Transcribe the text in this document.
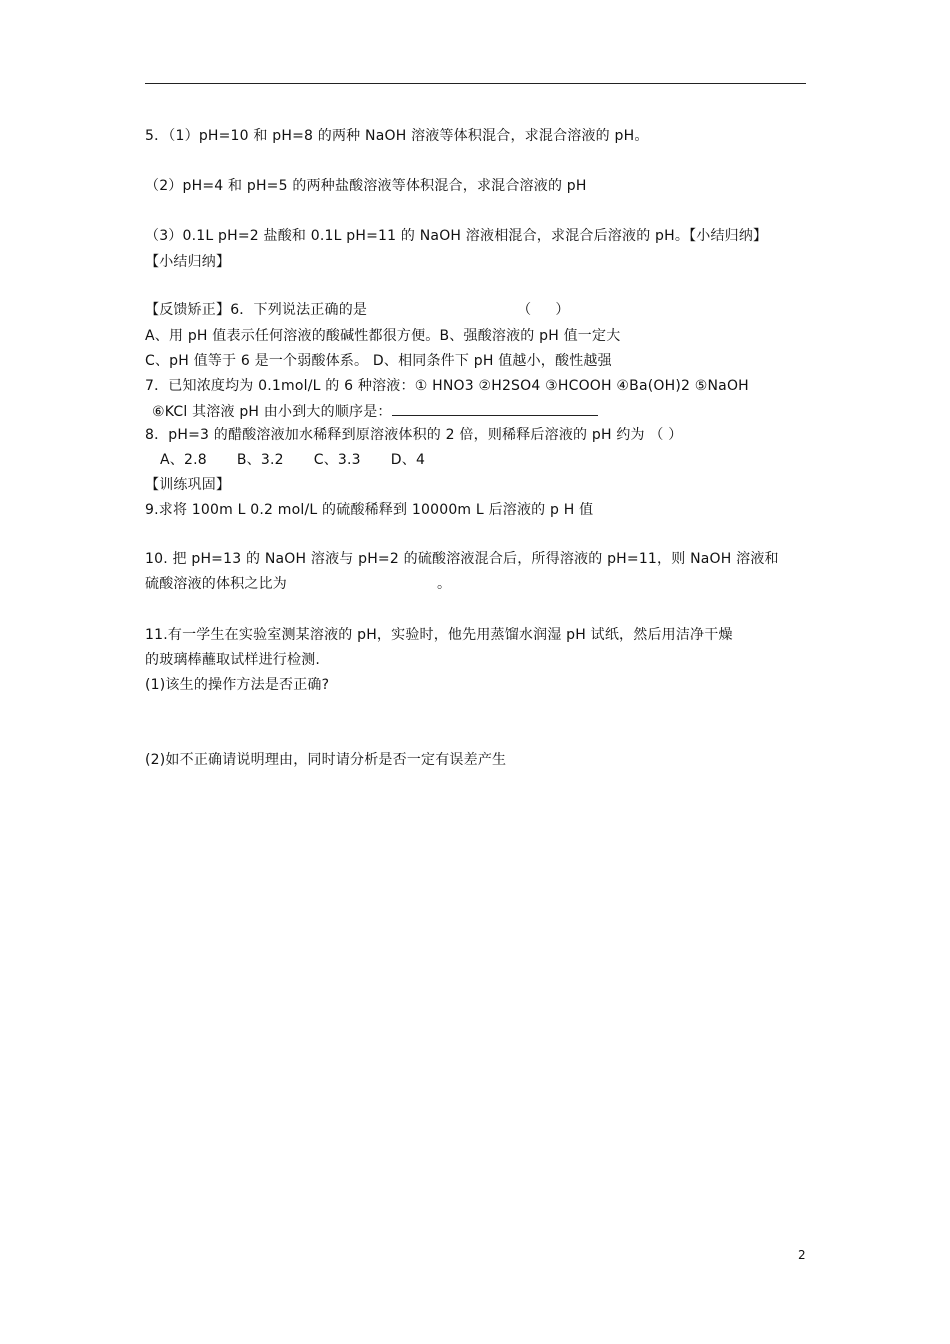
5．（1）pH=10 和 pH=8 的两种 NaOH 溶液等体积混合，求混合溶液的 pH。
（2）pH=4 和 pH=5 的两种盐酸溶液等体积混合，求混合溶液的 pH
（3）0.1L pH=2 盐酸和 0.1L pH=11 的 NaOH 溶液相混合，求混合后溶液的 pH。【小结归纳】
【小结归纳】
【反馈矫正】6．下列说法正确的是	（ ）
A、用 pH 值表示任何溶液的酸碱性都很方便。B、强酸溶液的 pH 值一定大
C、pH 值等于 6 是一个弱酸体系。 D、相同条件下 pH 值越小，酸性越强
7．已知浓度均为 0.1mol/L 的 6 种溶液：① HNO3 ②H2SO4 ③HCOOH ④Ba(OH)2 ⑤NaOH
⑥KCl 其溶液 pH 由小到大的顺序是：
8．pH=3 的醋酸溶液加水稀释到原溶液体积的 2 倍，则稀释后溶液的 pH 约为 （ ）
A、2.8 B、3.2 C、3.3 D、4
【训练巩固】
9.求将 100m L 0.2 mol/L 的硫酸稀释到 10000m L 后溶液的 p H 值
10. 把 pH=13 的 NaOH 溶液与 pH=2 的硫酸溶液混合后，所得溶液的 pH=11，则 NaOH 溶液和
硫酸溶液的体积之比为	。
11.有一学生在实验室测某溶液的 pH，实验时，他先用蒸馏水润湿 pH 试纸，然后用洁净干燥
的玻璃棒蘸取试样进行检测.
(1)该生的操作方法是否正确?
(2)如不正确请说明理由，同时请分析是否一定有误差产生
2
